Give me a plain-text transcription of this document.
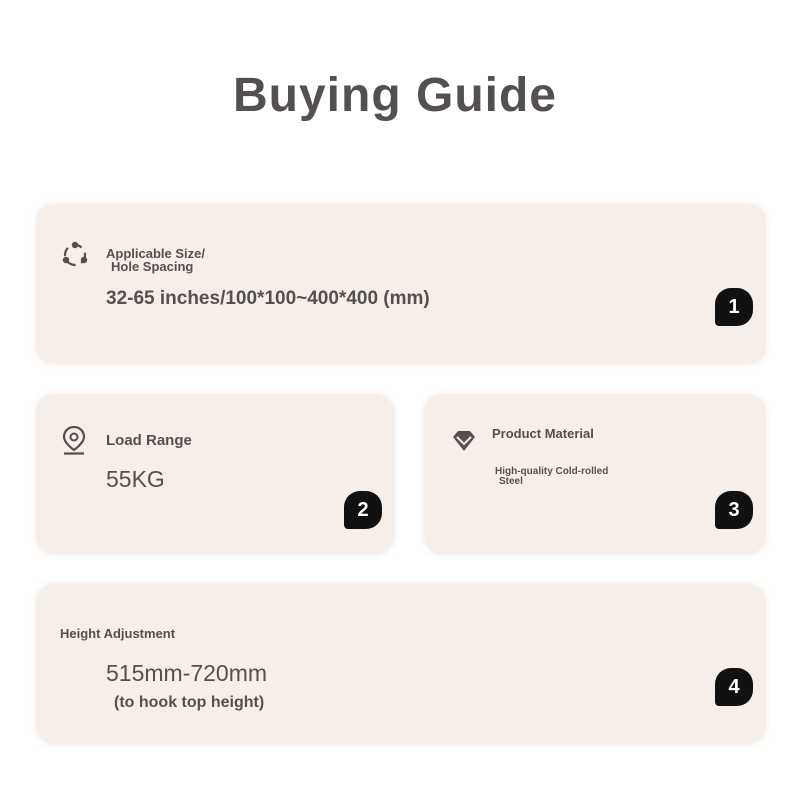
Buying Guide
Applicable Size/
Hole Spacing
32-65 inches/100*100~400*400 (mm)	1
Load Range
55KG
2
Product Material
High-quality Cold-rolled
Steel
3
Height Adjustment
515mm-720mm
(to hook top height)
4
